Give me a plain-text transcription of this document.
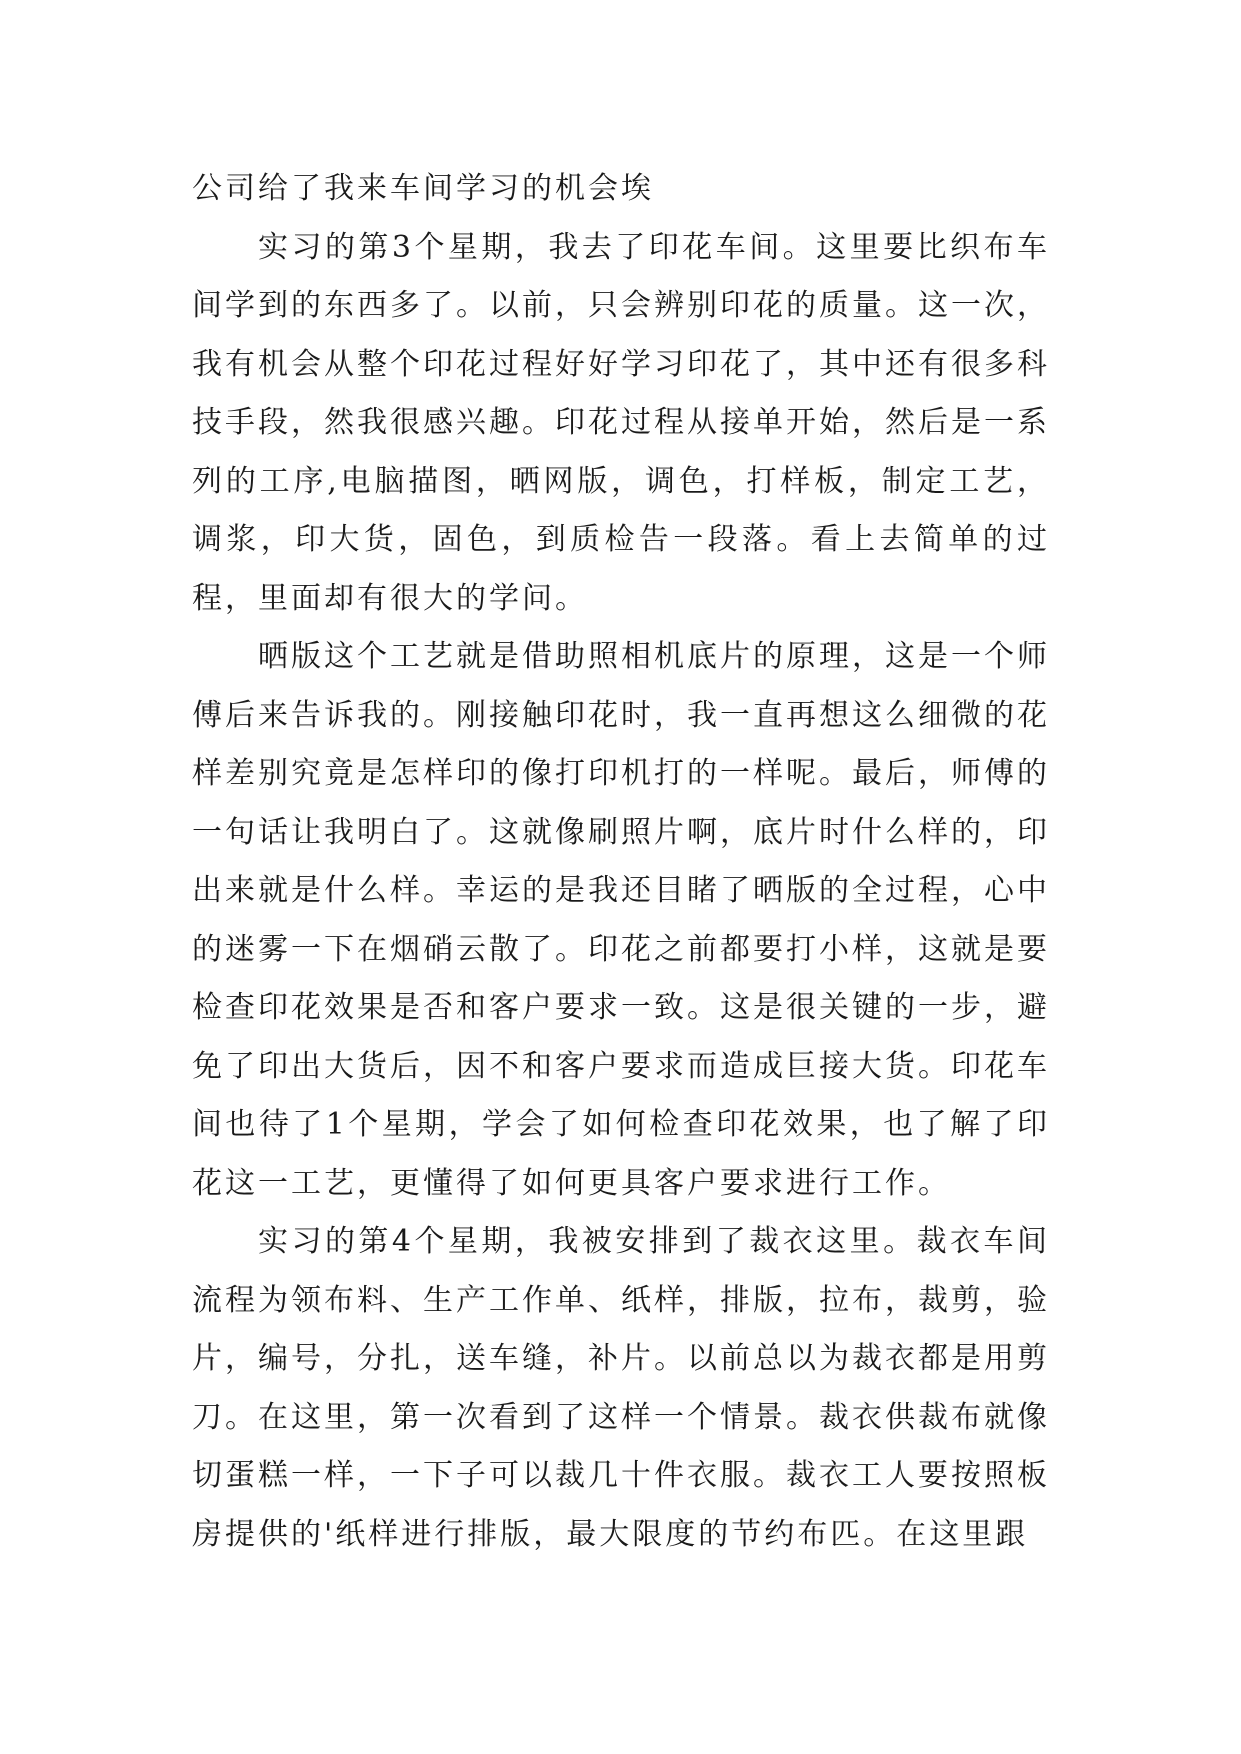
公司给了我来车间学习的机会埃

实习的第3个星期，我去了印花车间。这里要比织布车间学到的东西多了。以前，只会辨别印花的质量。这一次，我有机会从整个印花过程好好学习印花了，其中还有很多科技手段，然我很感兴趣。印花过程从接单开始，然后是一系列的工序,电脑描图，晒网版，调色，打样板，制定工艺，调浆，印大货，固色，到质检告一段落。看上去简单的过程，里面却有很大的学问。

晒版这个工艺就是借助照相机底片的原理，这是一个师傅后来告诉我的。刚接触印花时，我一直再想这么细微的花样差别究竟是怎样印的像打印机打的一样呢。最后，师傅的一句话让我明白了。这就像刷照片啊，底片时什么样的，印出来就是什么样。幸运的是我还目睹了晒版的全过程，心中的迷雾一下在烟硝云散了。印花之前都要打小样，这就是要检查印花效果是否和客户要求一致。这是很关键的一步，避免了印出大货后，因不和客户要求而造成巨接大货。印花车间也待了1个星期，学会了如何检查印花效果，也了解了印花这一工艺，更懂得了如何更具客户要求进行工作。

实习的第4个星期，我被安排到了裁衣这里。裁衣车间流程为领布料、生产工作单、纸样，排版，拉布，裁剪，验片，编号，分扎，送车缝，补片。以前总以为裁衣都是用剪刀。在这里，第一次看到了这样一个情景。裁衣供裁布就像切蛋糕一样，一下子可以裁几十件衣服。裁衣工人要按照板房提供的'纸样进行排版，最大限度的节约布匹。在这里跟
